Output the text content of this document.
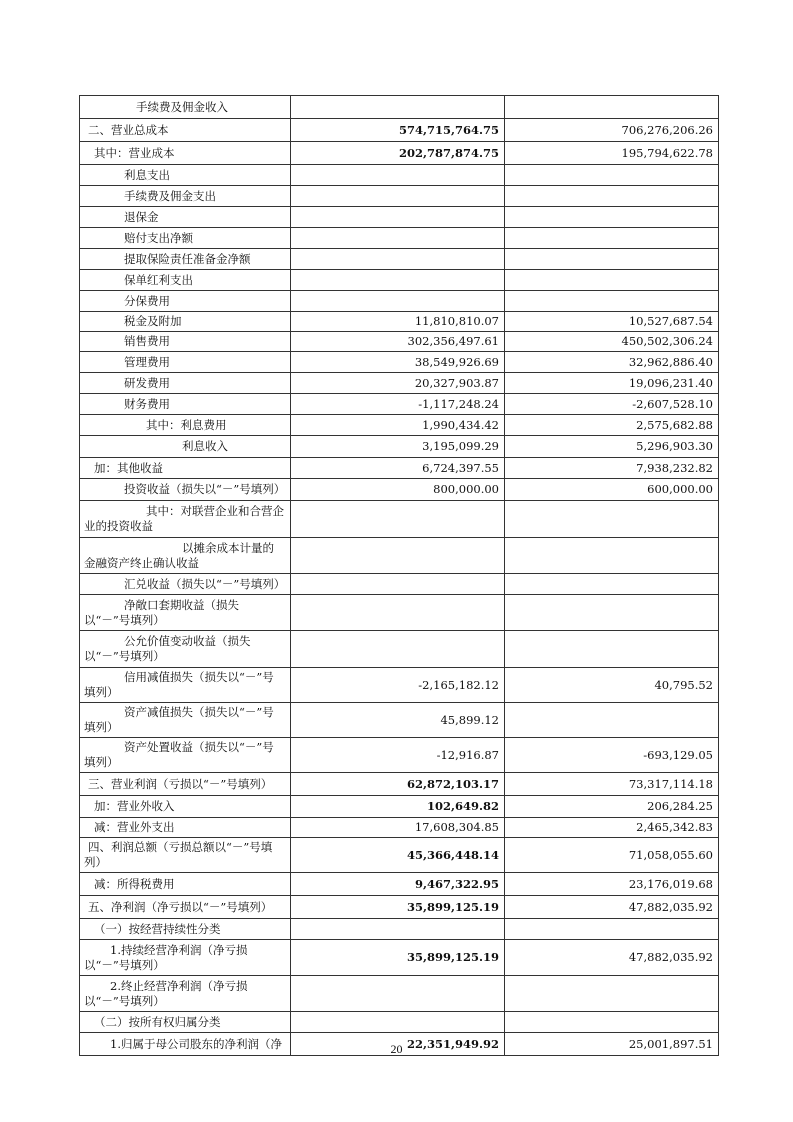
手续费及佣金收入		
二、营业总成本	574,715,764.75	706,276,206.26
其中：营业成本	202,787,874.75	195,794,622.78
利息支出		
手续费及佣金支出		
退保金		
赔付支出净额		
提取保险责任准备金净额		
保单红利支出		
分保费用		
税金及附加	11,810,810.07	10,527,687.54
销售费用	302,356,497.61	450,502,306.24
管理费用	38,549,926.69	32,962,886.40
研发费用	20,327,903.87	19,096,231.40
财务费用	-1,117,248.24	-2,607,528.10
其中：利息费用	1,990,434.42	2,575,682.88
利息收入	3,195,099.29	5,296,903.30
加：其他收益	6,724,397.55	7,938,232.82
投资收益（损失以“－”号填列）	800,000.00	600,000.00
其中：对联营企业和合营企业的投资收益		
以摊余成本计量的金融资产终止确认收益		
汇兑收益（损失以“－”号填列）		
净敞口套期收益（损失以“－”号填列）		
公允价值变动收益（损失以“－”号填列）		
信用减值损失（损失以“－”号填列）	-2,165,182.12	40,795.52
资产减值损失（损失以“－”号填列）	45,899.12	
资产处置收益（损失以“－”号填列）	-12,916.87	-693,129.05
三、营业利润（亏损以“－”号填列）	62,872,103.17	73,317,114.18
加：营业外收入	102,649.82	206,284.25
减：营业外支出	17,608,304.85	2,465,342.83
四、利润总额（亏损总额以“－”号填列）	45,366,448.14	71,058,055.60
减：所得税费用	9,467,322.95	23,176,019.68
五、净利润（净亏损以“－”号填列）	35,899,125.19	47,882,035.92
（一）按经营持续性分类		
1.持续经营净利润（净亏损以“－”号填列）	35,899,125.19	47,882,035.92
2.终止经营净利润（净亏损以“－”号填列）		
（二）按所有权归属分类		
1.归属于母公司股东的净利润（净	22,351,949.92	25,001,897.51
20
